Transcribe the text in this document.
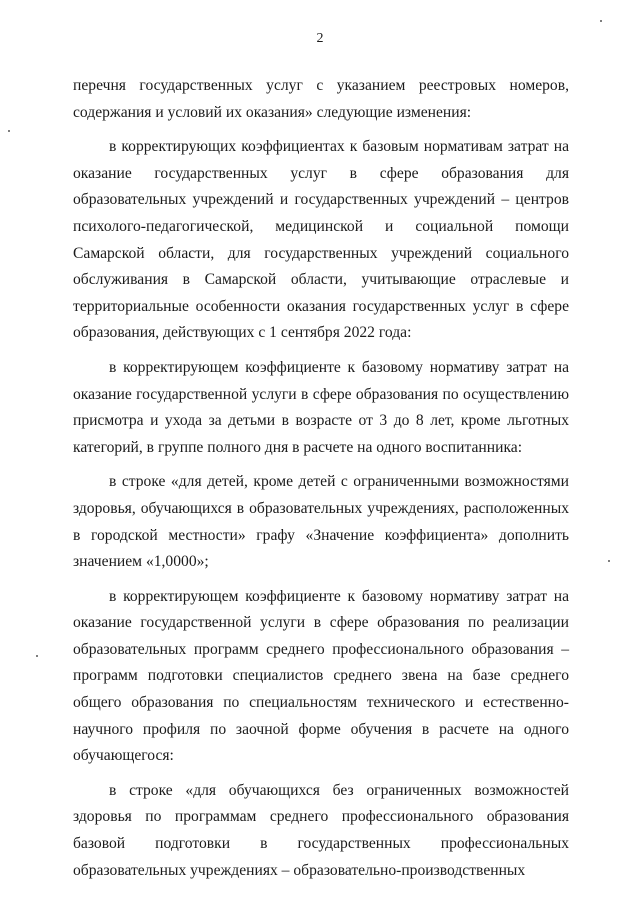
2

перечня государственных услуг с указанием реестровых номеров, содержания и условий их оказания» следующие изменения:

в корректирующих коэффициентах к базовым нормативам затрат на оказание государственных услуг в сфере образования для образовательных учреждений и государственных учреждений – центров психолого-педагогической, медицинской и социальной помощи Самарской области, для государственных учреждений социального обслуживания в Самарской области, учитывающие отраслевые и территориальные особенности оказания государственных услуг в сфере образования, действующих с 1 сентября 2022 года:

в корректирующем коэффициенте к базовому нормативу затрат на оказание государственной услуги в сфере образования по осуществлению присмотра и ухода за детьми в возрасте от 3 до 8 лет, кроме льготных категорий, в группе полного дня в расчете на одного воспитанника:

в строке «для детей, кроме детей с ограниченными возможностями здоровья, обучающихся в образовательных учреждениях, расположенных в городской местности» графу «Значение коэффициента» дополнить значением «1,0000»;

в корректирующем коэффициенте к базовому нормативу затрат на оказание государственной услуги в сфере образования по реализации образовательных программ среднего профессионального образования – программ подготовки специалистов среднего звена на базе среднего общего образования по специальностям технического и естественно-научного профиля по заочной форме обучения в расчете на одного обучающегося:

в строке «для обучающихся без ограниченных возможностей здоровья по программам среднего профессионального образования базовой подготовки в государственных профессиональных образовательных учреждениях – образовательно-производственных
